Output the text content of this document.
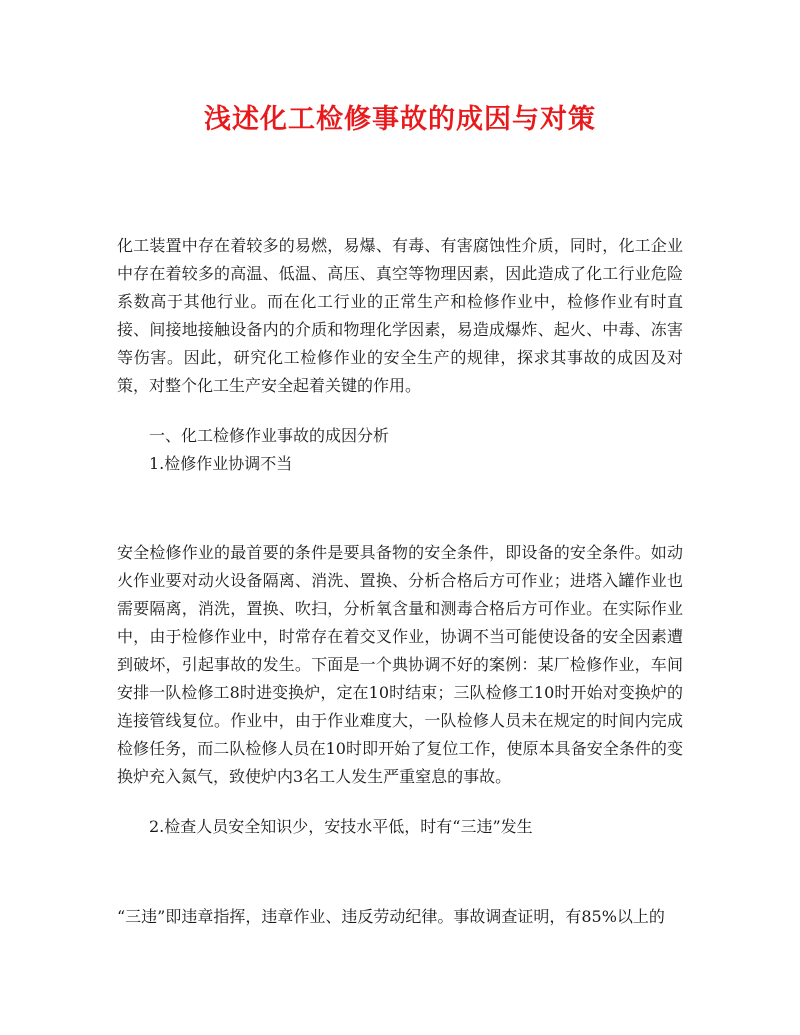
浅述化工检修事故的成因与对策
化工装置中存在着较多的易燃，易爆、有毒、有害腐蚀性介质，同时，化工企业中存在着较多的高温、低温、高压、真空等物理因素，因此造成了化工行业危险系数高于其他行业。而在化工行业的正常生产和检修作业中，检修作业有时直接、间接地接触设备内的介质和物理化学因素，易造成爆炸、起火、中毒、冻害等伤害。因此，研究化工检修作业的安全生产的规律，探求其事故的成因及对策，对整个化工生产安全起着关键的作用。
一、化工检修作业事故的成因分析
1.检修作业协调不当
安全检修作业的最首要的条件是要具备物的安全条件，即设备的安全条件。如动火作业要对动火设备隔离、消洗、置换、分析合格后方可作业；进塔入罐作业也需要隔离，消洗，置换、吹扫，分析氧含量和测毒合格后方可作业。在实际作业中，由于检修作业中，时常存在着交叉作业，协调不当可能使设备的安全因素遭到破坏，引起事故的发生。下面是一个典协调不好的案例：某厂检修作业，车间安排一队检修工8时进变换炉，定在10时结束；三队检修工10时开始对变换炉的连接管线复位。作业中，由于作业难度大，一队检修人员未在规定的时间内完成检修任务，而二队检修人员在10时即开始了复位工作，使原本具备安全条件的变换炉充入氮气，致使炉内3名工人发生严重窒息的事故。
2.检查人员安全知识少，安技水平低，时有“三违”发生
“三违”即违章指挥，违章作业、违反劳动纪律。事故调查证明，有85%以上的
